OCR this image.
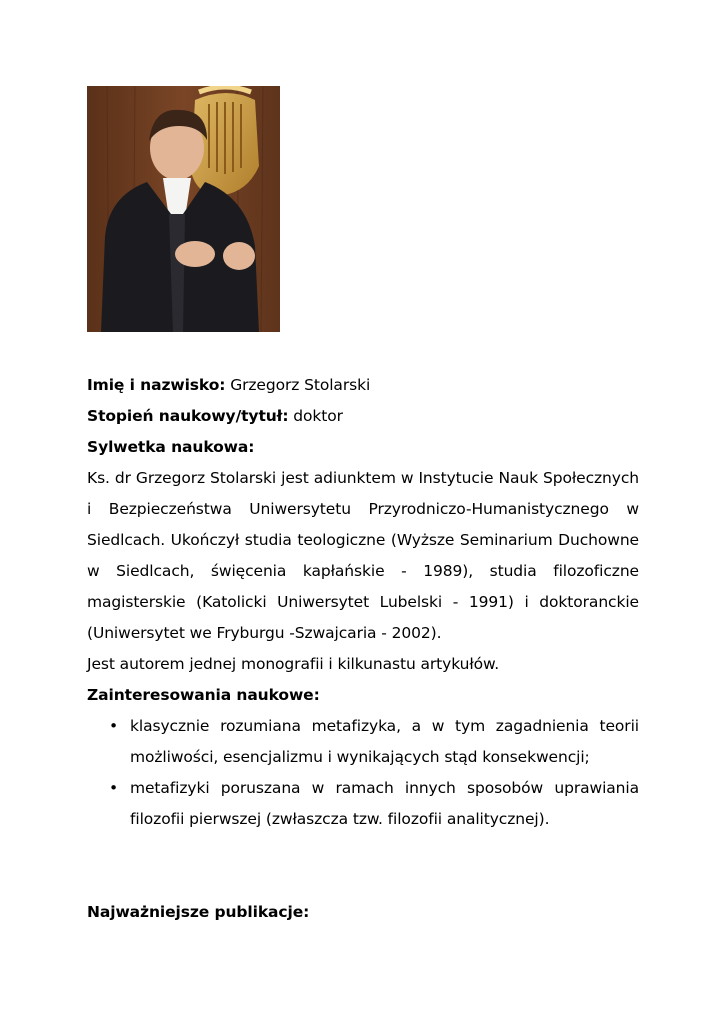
Imię i nazwisko: Grzegorz Stolarski

Stopień naukowy/tytuł: doktor

Sylwetka naukowa:

Ks. dr Grzegorz Stolarski jest adiunktem w Instytucie Nauk Społecznych i Bezpieczeństwa Uniwersytetu Przyrodniczo-Humanistycznego w Siedlcach. Ukończył studia teologiczne (Wyższe Seminarium Duchowne w Siedlcach, święcenia kapłańskie - 1989), studia filozoficzne magisterskie (Katolicki Uniwersytet Lubelski - 1991) i doktoranckie (Uniwersytet we Fryburgu -Szwajcaria - 2002).

Jest autorem jednej monografii i kilkunastu artykułów.

Zainteresowania naukowe:

• klasycznie rozumiana metafizyka, a w tym zagadnienia teorii możliwości, esencjalizmu i wynikających stąd konsekwencji;
• metafizyki poruszana w ramach innych sposobów uprawiania filozofii pierwszej (zwłaszcza tzw. filozofii analitycznej).

Najważniejsze publikacje:
